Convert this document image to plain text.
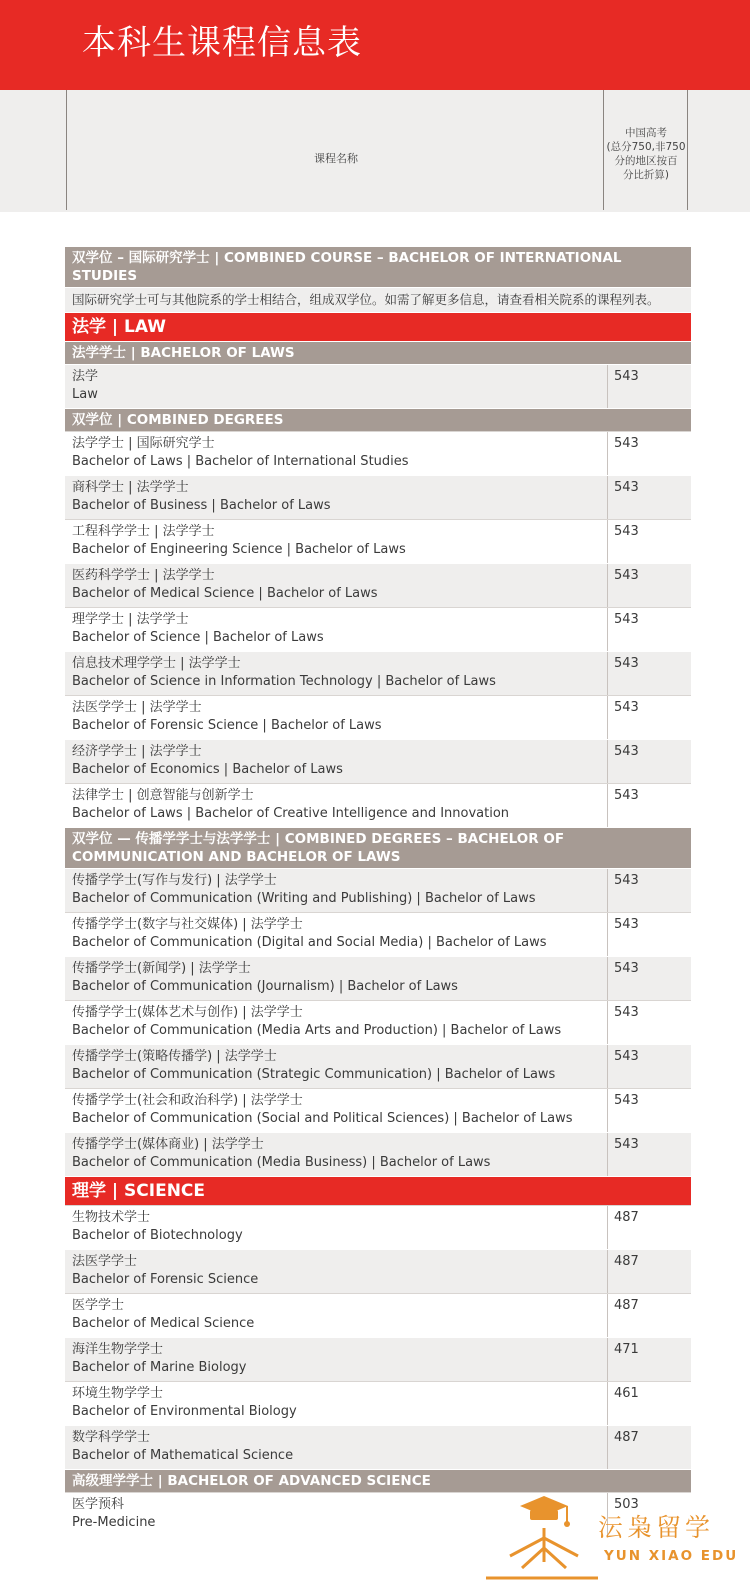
本科生课程信息表
课程名称
中国高考
(总分750,非750
分的地区按百
分比折算)
双学位 – 国际研究学士 | COMBINED COURSE – BACHELOR OF INTERNATIONAL STUDIES
国际研究学士可与其他院系的学士相结合，组成双学位。如需了解更多信息，请查看相关院系的课程列表。
法学 | LAW
法学学士 | BACHELOR OF LAWS
法学
Law
543
双学位 | COMBINED DEGREES
法学学士 | 国际研究学士
Bachelor of Laws | Bachelor of International Studies
543
商科学士 | 法学学士
Bachelor of Business | Bachelor of Laws
543
工程科学学士 | 法学学士
Bachelor of Engineering Science | Bachelor of Laws
543
医药科学学士 | 法学学士
Bachelor of Medical Science | Bachelor of Laws
543
理学学士 | 法学学士
Bachelor of Science | Bachelor of Laws
543
信息技术理学学士 | 法学学士
Bachelor of Science in Information Technology | Bachelor of Laws
543
法医学学士 | 法学学士
Bachelor of Forensic Science | Bachelor of Laws
543
经济学学士 | 法学学士
Bachelor of Economics | Bachelor of Laws
543
法律学士 | 创意智能与创新学士
Bachelor of Laws | Bachelor of Creative Intelligence and Innovation
543
双学位 — 传播学学士与法学学士 | COMBINED DEGREES – BACHELOR OF COMMUNICATION AND BACHELOR OF LAWS
传播学学士(写作与发行) | 法学学士
Bachelor of Communication (Writing and Publishing) | Bachelor of Laws
543
传播学学士(数字与社交媒体) | 法学学士
Bachelor of Communication (Digital and Social Media) | Bachelor of Laws
543
传播学学士(新闻学) | 法学学士
Bachelor of Communication (Journalism) | Bachelor of Laws
543
传播学学士(媒体艺术与创作) | 法学学士
Bachelor of Communication (Media Arts and Production) | Bachelor of Laws
543
传播学学士(策略传播学) | 法学学士
Bachelor of Communication (Strategic Communication) | Bachelor of Laws
543
传播学学士(社会和政治科学) | 法学学士
Bachelor of Communication (Social and Political Sciences) | Bachelor of Laws
543
传播学学士(媒体商业) | 法学学士
Bachelor of Communication (Media Business) | Bachelor of Laws
543
理学 | SCIENCE
生物技术学士
Bachelor of Biotechnology
487
法医学学士
Bachelor of Forensic Science
487
医学学士
Bachelor of Medical Science
487
海洋生物学学士
Bachelor of Marine Biology
471
环境生物学学士
Bachelor of Environmental Biology
461
数学科学学士
Bachelor of Mathematical Science
487
高级理学学士 | BACHELOR OF ADVANCED SCIENCE
医学预科
Pre-Medicine
503
沄枭留学
YUN XIAO EDU
